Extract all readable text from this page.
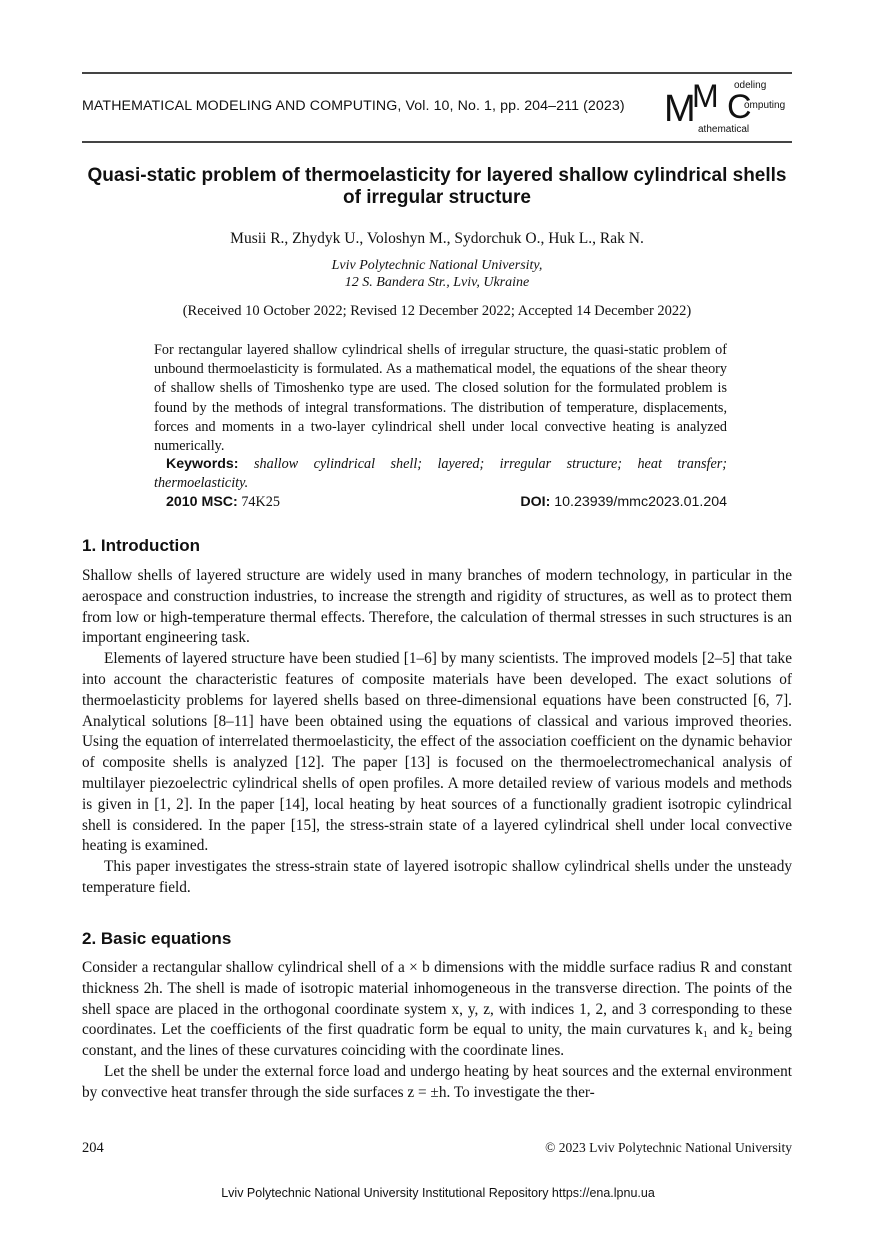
MATHEMATICAL MODELING AND COMPUTING, Vol. 10, No. 1, pp. 204–211 (2023) M
M C
odeling
omputing
athematical
Quasi-static problem of thermoelasticity for layered shallow cylindrical shells of irregular structure
Musii R., Zhydyk U., Voloshyn M., Sydorchuk O., Huk L., Rak N.
Lviv Polytechnic National University,
12 S. Bandera Str., Lviv, Ukraine
(Received 10 October 2022; Revised 12 December 2022; Accepted 14 December 2022)
For rectangular layered shallow cylindrical shells of irregular structure, the quasi-static problem of unbound thermoelasticity is formulated. As a mathematical model, the equations of the shear theory of shallow shells of Timoshenko type are used. The closed solution for the formulated problem is found by the methods of integral transformations. The distribution of temperature, displacements, forces and moments in a two-layer cylindrical shell under local convective heating is analyzed numerically.
Keywords: shallow cylindrical shell; layered; irregular structure; heat transfer; thermoelasticity.
2010 MSC: 74K25	DOI: 10.23939/mmc2023.01.204
1. Introduction

Shallow shells of layered structure are widely used in many branches of modern technology, in particular in the aerospace and construction industries, to increase the strength and rigidity of structures, as well as to protect them from low or high-temperature thermal effects. Therefore, the calculation of thermal stresses in such structures is an important engineering task.

Elements of layered structure have been studied [1–6] by many scientists. The improved models [2–5] that take into account the characteristic features of composite materials have been developed. The exact solutions of thermoelasticity problems for layered shells based on three-dimensional equations have been constructed [6, 7]. Analytical solutions [8–11] have been obtained using the equations of classical and various improved theories. Using the equation of interrelated thermoelasticity, the effect of the association coefficient on the dynamic behavior of composite shells is analyzed [12]. The paper [13] is focused on the thermoelectromechanical analysis of multilayer piezoelectric cylindrical shells of open profiles. A more detailed review of various models and methods is given in [1, 2]. In the paper [14], local heating by heat sources of a functionally gradient isotropic cylindrical shell is considered. In the paper [15], the stress-strain state of a layered cylindrical shell under local convective heating is examined.

This paper investigates the stress-strain state of layered isotropic shallow cylindrical shells under the unsteady temperature field.

2. Basic equations

Consider a rectangular shallow cylindrical shell of a × b dimensions with the middle surface radius R and constant thickness 2h. The shell is made of isotropic material inhomogeneous in the transverse direction. The points of the shell space are placed in the orthogonal coordinate system x, y, z, with indices 1, 2, and 3 corresponding to these coordinates. Let the coefficients of the first quadratic form be equal to unity, the main curvatures k₁ and k₂ being constant, and the lines of these curvatures coinciding with the coordinate lines.

Let the shell be under the external force load and undergo heating by heat sources and the external environment by convective heat transfer through the side surfaces z = ±h. To investigate the ther-

204	© 2023 Lviv Polytechnic National University
Lviv Polytechnic National University Institutional Repository https://ena.lpnu.ua
